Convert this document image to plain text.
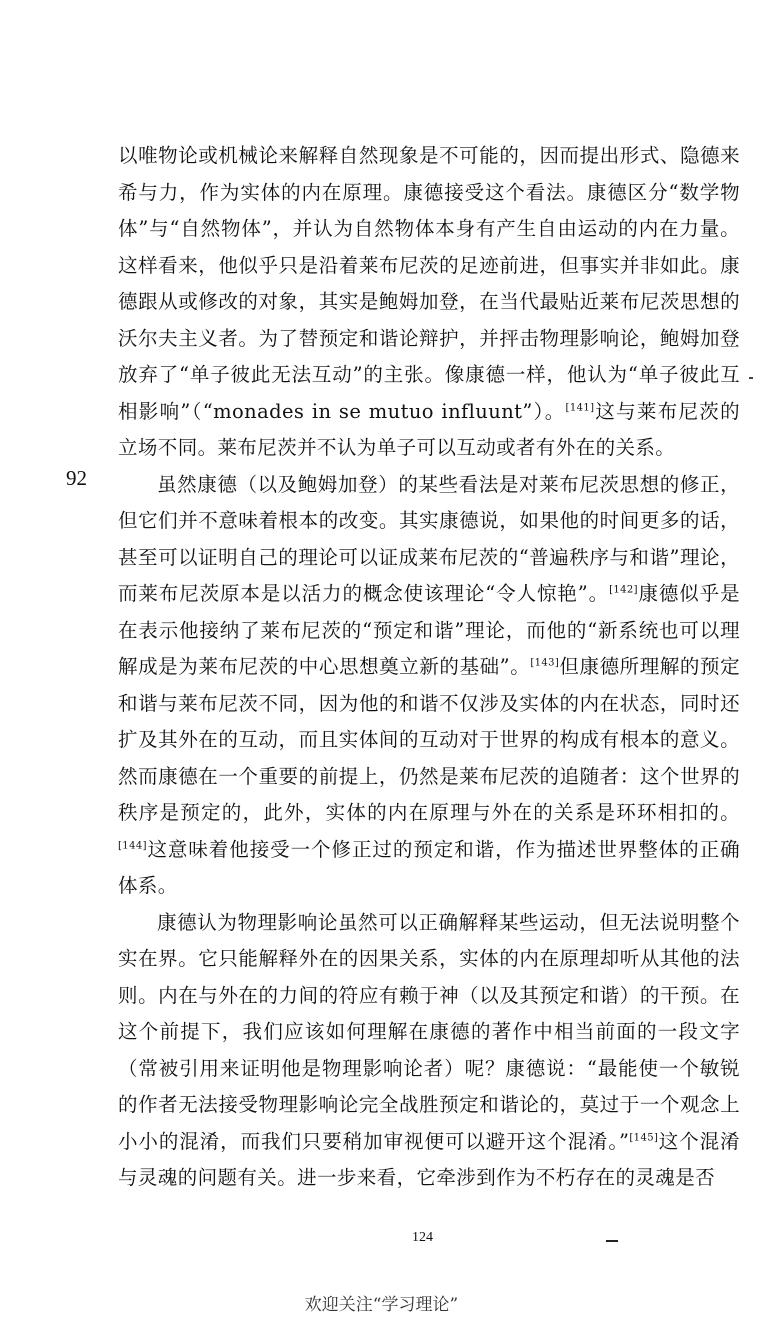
以唯物论或机械论来解释自然现象是不可能的，因而提出形式、隐德来希与力，作为实体的内在原理。康德接受这个看法。康德区分“数学物体”与“自然物体”，并认为自然物体本身有产生自由运动的内在力量。这样看来，他似乎只是沿着莱布尼茨的足迹前进，但事实并非如此。康德跟从或修改的对象，其实是鲍姆加登，在当代最贴近莱布尼茨思想的沃尔夫主义者。为了替预定和谐论辩护，并抨击物理影响论，鲍姆加登放弃了“单子彼此无法互动”的主张。像康德一样，他认为“单子彼此互相影响”（“monades in se mutuo influunt”）。[141]这与莱布尼茨的立场不同。莱布尼茨并不认为单子可以互动或者有外在的关系。

虽然康德（以及鲍姆加登）的某些看法是对莱布尼茨思想的修正，但它们并不意味着根本的改变。其实康德说，如果他的时间更多的话，甚至可以证明自己的理论可以证成莱布尼茨的“普遍秩序与和谐”理论，而莱布尼茨原本是以活力的概念使该理论“令人惊艳”。[142]康德似乎是在表示他接纳了莱布尼茨的“预定和谐”理论，而他的“新系统也可以理解成是为莱布尼茨的中心思想奠立新的基础”。[143]但康德所理解的预定和谐与莱布尼茨不同，因为他的和谐不仅涉及实体的内在状态，同时还扩及其外在的互动，而且实体间的互动对于世界的构成有根本的意义。然而康德在一个重要的前提上，仍然是莱布尼茨的追随者：这个世界的秩序是预定的，此外，实体的内在原理与外在的关系是环环相扣的。[144]这意味着他接受一个修正过的预定和谐，作为描述世界整体的正确体系。

康德认为物理影响论虽然可以正确解释某些运动，但无法说明整个实在界。它只能解释外在的因果关系，实体的内在原理却听从其他的法则。内在与外在的力间的符应有赖于神（以及其预定和谐）的干预。在这个前提下，我们应该如何理解在康德的著作中相当前面的一段文字（常被引用来证明他是物理影响论者）呢？康德说：“最能使一个敏锐的作者无法接受物理影响论完全战胜预定和谐论的，莫过于一个观念上小小的混淆，而我们只要稍加审视便可以避开这个混淆。”[145]这个混淆与灵魂的问题有关。进一步来看，它牵涉到作为不朽存在的灵魂是否

92
124
欢迎关注“学习理论”
